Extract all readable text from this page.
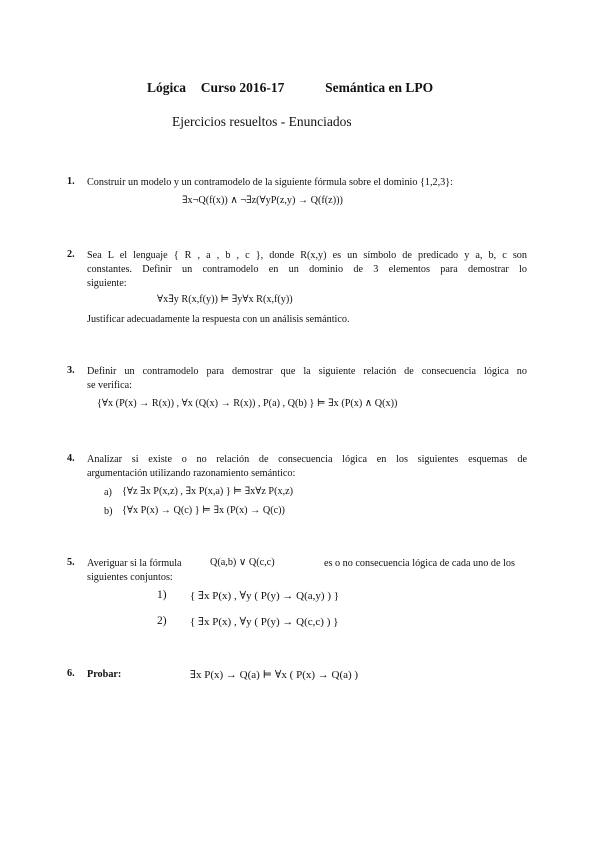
Lógica Curso 2016-17	Semántica en LPO
Ejercicios resueltos - Enunciados
1. Construir un modelo y un contramodelo de la siguiente fórmula sobre el dominio {1,2,3}:
∃x¬Q(f(x)) ∧ ¬∃z(∀yP(z,y) → Q(f(z)))
2. Sea L el lenguaje { R , a , b , c }, donde R(x,y) es un símbolo de predicado y a, b, c son
constantes. Definir un contramodelo en un dominio de 3 elementos para demostrar lo
siguiente:
∀x∃y R(x,f(y)) ⊨ ∃y∀x R(x,f(y))
Justificar adecuadamente la respuesta con un análisis semántico.
3. Definir un contramodelo para demostrar que la siguiente relación de consecuencia lógica no
se verifica:
{∀x (P(x) → R(x)) , ∀x (Q(x) → R(x)) , P(a) , Q(b) } ⊨ ∃x (P(x) ∧ Q(x))
4. Analizar si existe o no relación de consecuencia lógica en los siguientes esquemas de
argumentación utilizando razonamiento semántico:
a) {∀z ∃x P(x,z) , ∃x P(x,a) } ⊨ ∃x∀z P(x,z)
b) {∀x P(x) → Q(c) } ⊨ ∃x (P(x) → Q(c))
5. Averiguar si la fórmula	Q(a,b) ∨ Q(c,c)	es o no consecuencia lógica de cada uno de los
siguientes conjuntos:
1) { ∃x P(x) , ∀y ( P(y) → Q(a,y) ) }
2) { ∃x P(x) , ∀y ( P(y) → Q(c,c) ) }
6. Probar:	∃x P(x) → Q(a) ⊨ ∀x ( P(x) → Q(a) )
